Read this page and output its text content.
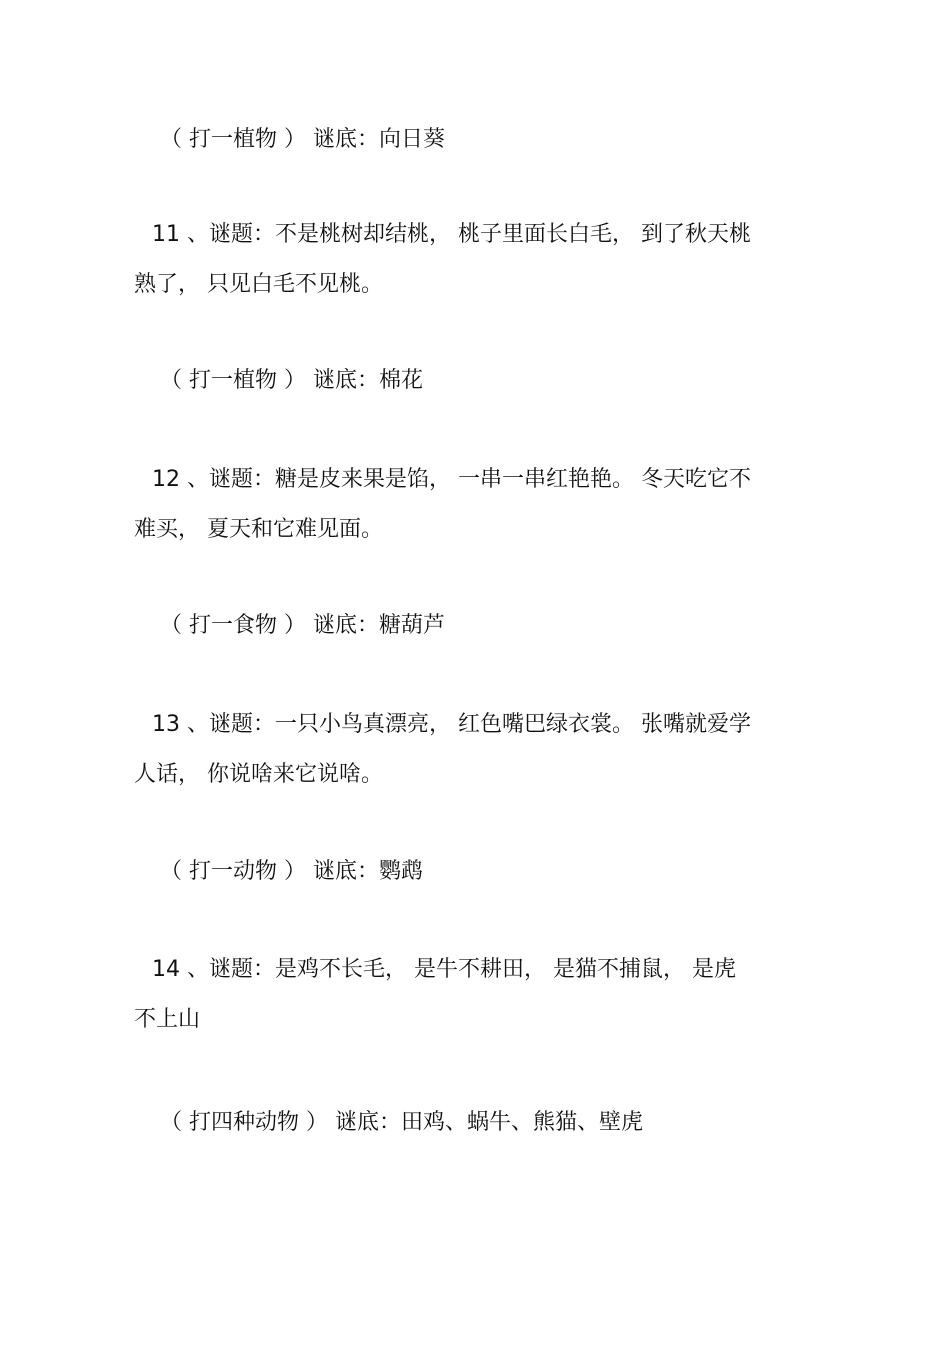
（ 打一植物 ） 谜底：向日葵
11 、谜题：不是桃树却结桃， 桃子里面长白毛， 到了秋天桃
熟了， 只见白毛不见桃。
（ 打一植物 ） 谜底：棉花
12 、谜题：糖是皮来果是馅， 一串一串红艳艳。 冬天吃它不
难买， 夏天和它难见面。
（ 打一食物 ） 谜底：糖葫芦
13 、谜题：一只小鸟真漂亮， 红色嘴巴绿衣裳。 张嘴就爱学
人话， 你说啥来它说啥。
（ 打一动物 ） 谜底：鹦鹉
14 、谜题：是鸡不长毛， 是牛不耕田， 是猫不捕鼠， 是虎
不上山
（ 打四种动物 ） 谜底：田鸡、蜗牛、熊猫、壁虎
